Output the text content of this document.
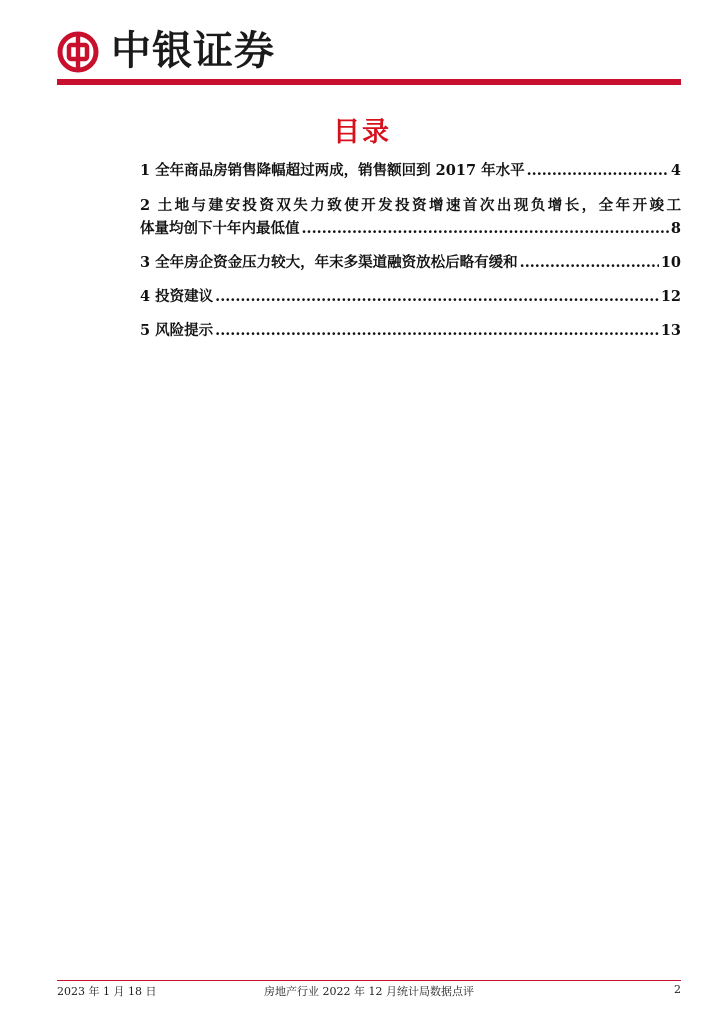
中银证券
目录
1 全年商品房销售降幅超过两成，销售额回到 2017 年水平 .....	4
2 土地与建安投资双失力致使开发投资增速首次出现负增长，全年开竣工
体量均创下十年内最低值 .....	8
3 全年房企资金压力较大，年末多渠道融资放松后略有缓和 .....	10
4 投资建议 .....	12
5 风险提示 .....	13
2023 年 1 月 18 日	房地产行业 2022 年 12 月统计局数据点评	2
